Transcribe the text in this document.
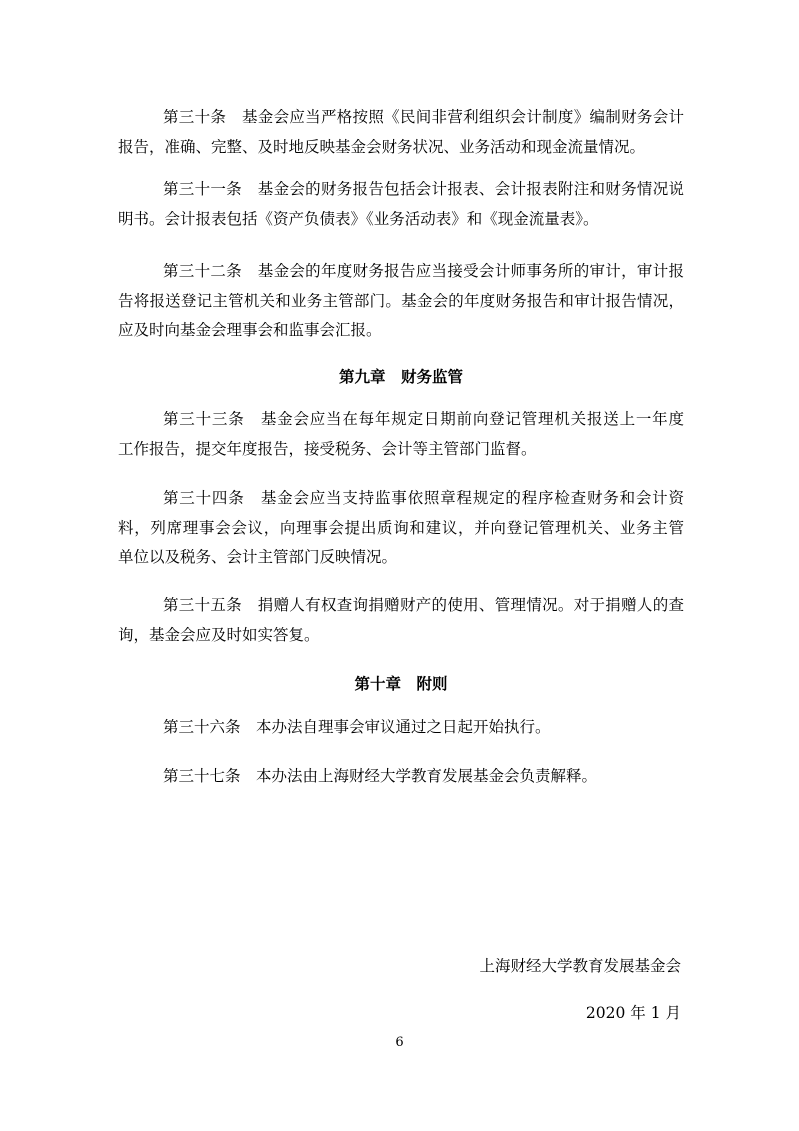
第三十条　基金会应当严格按照《民间非营利组织会计制度》编制财务会计
报告，准确、完整、及时地反映基金会财务状况、业务活动和现金流量情况。
第三十一条　基金会的财务报告包括会计报表、会计报表附注和财务情况说
明书。会计报表包括《资产负债表》《业务活动表》和《现金流量表》。
第三十二条　基金会的年度财务报告应当接受会计师事务所的审计，审计报
告将报送登记主管机关和业务主管部门。基金会的年度财务报告和审计报告情况，
应及时向基金会理事会和监事会汇报。
第九章　财务监管
第三十三条　基金会应当在每年规定日期前向登记管理机关报送上一年度
工作报告，提交年度报告，接受税务、会计等主管部门监督。
第三十四条　基金会应当支持监事依照章程规定的程序检查财务和会计资
料，列席理事会会议，向理事会提出质询和建议，并向登记管理机关、业务主管
单位以及税务、会计主管部门反映情况。
第三十五条　捐赠人有权查询捐赠财产的使用、管理情况。对于捐赠人的查
询，基金会应及时如实答复。
第十章　附则
第三十六条　本办法自理事会审议通过之日起开始执行。
第三十七条　本办法由上海财经大学教育发展基金会负责解释。
上海财经大学教育发展基金会
2020 年 1 月
6
